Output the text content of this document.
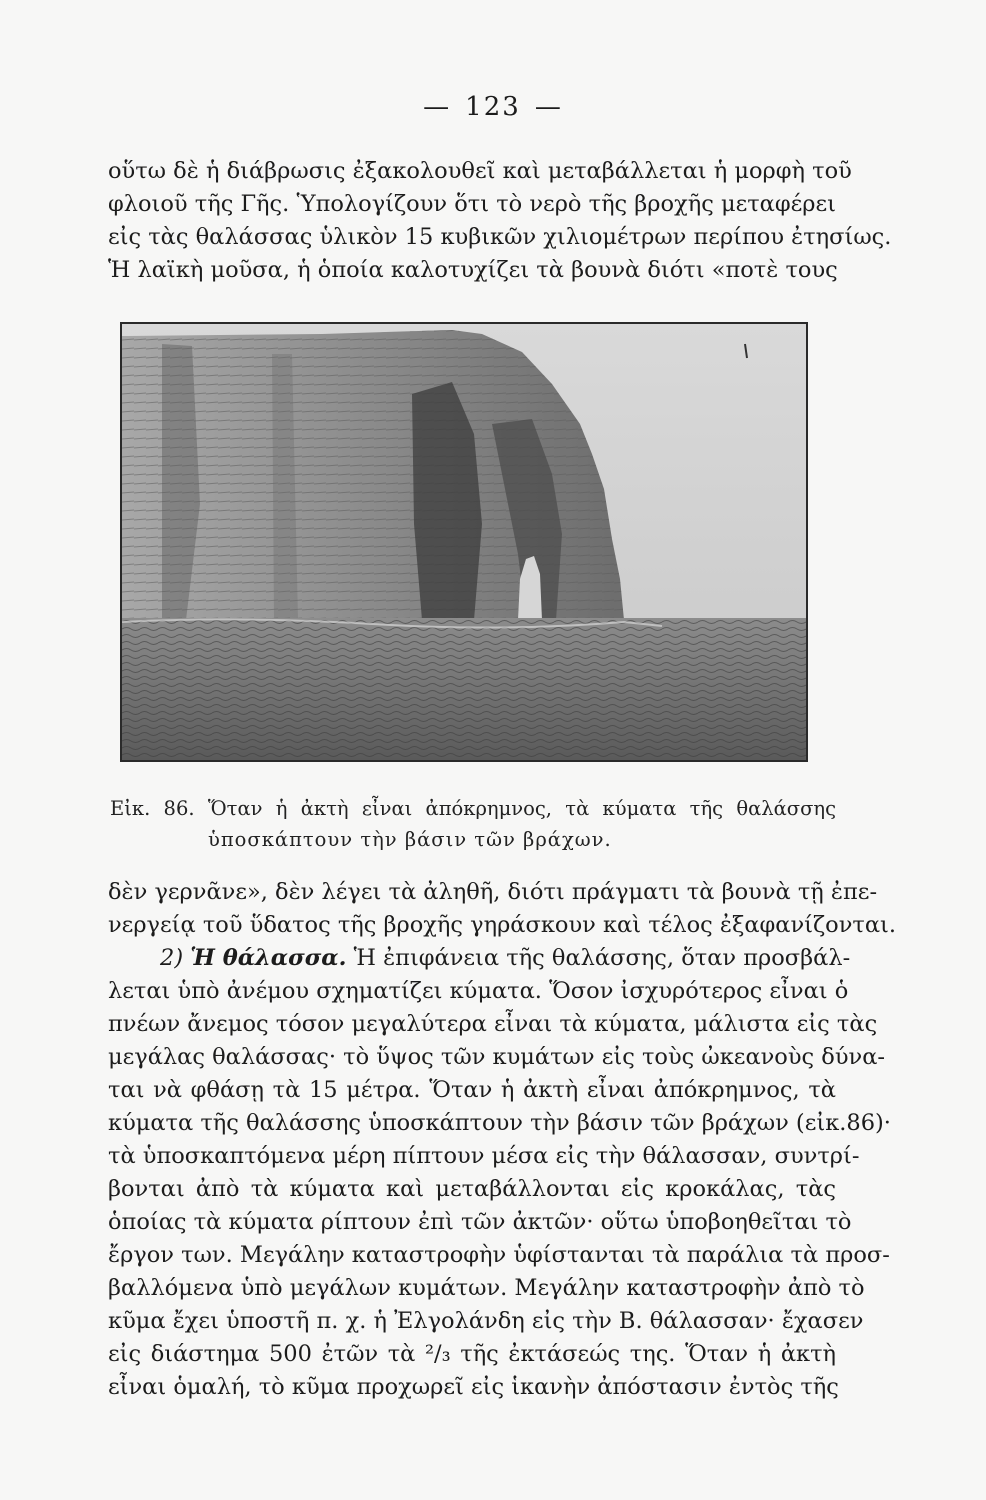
— 123 —
οὕτω δὲ ἡ διάβρωσις ἐξακολουθεῖ καὶ μεταβάλλεται ἡ μορφὴ τοῦ
φλοιοῦ τῆς Γῆς. Ὑπολογίζουν ὅτι τὸ νερὸ τῆς βροχῆς μεταφέρει
εἰς τὰς θαλάσσας ὑλικὸν 15 κυβικῶν χιλιομέτρων περίπου ἐτησίως.
Ἡ λαϊκὴ μοῦσα, ἡ ὁποία καλοτυχίζει τὰ βουνὰ διότι «ποτὲ τους
Εἰκ. 86. Ὅταν ἡ ἀκτὴ εἶναι ἀπόκρημνος, τὰ κύματα τῆς θαλάσσης
ὑποσκάπτουν τὴν βάσιν τῶν βράχων.
δὲν γερνᾶνε», δὲν λέγει τὰ ἀληθῆ, διότι πράγματι τὰ βουνὰ τῇ ἐπε-
νεργείᾳ τοῦ ὕδατος τῆς βροχῆς γηράσκουν καὶ τέλος ἐξαφανίζονται.
2) Ἡ θάλασσα. Ἡ ἐπιφάνεια τῆς θαλάσσης, ὅταν προσβάλ-
λεται ὑπὸ ἀνέμου σχηματίζει κύματα. Ὅσον ἰσχυρότερος εἶναι ὁ
πνέων ἄνεμος τόσον μεγαλύτερα εἶναι τὰ κύματα, μάλιστα εἰς τὰς
μεγάλας θαλάσσας· τὸ ὕψος τῶν κυμάτων εἰς τοὺς ὠκεανοὺς δύνα-
ται νὰ φθάσῃ τὰ 15 μέτρα. Ὅταν ἡ ἀκτὴ εἶναι ἀπόκρημνος, τὰ
κύματα τῆς θαλάσσης ὑποσκάπτουν τὴν βάσιν τῶν βράχων (εἰκ.86)·
τὰ ὑποσκαπτόμενα μέρη πίπτουν μέσα εἰς τὴν θάλασσαν, συντρί-
βονται ἀπὸ τὰ κύματα καὶ μεταβάλλονται εἰς κροκάλας, τὰς
ὁποίας τὰ κύματα ρίπτουν ἐπὶ τῶν ἀκτῶν· οὕτω ὑποβοηθεῖται τὸ
ἔργον των. Μεγάλην καταστροφὴν ὑφίστανται τὰ παράλια τὰ προσ-
βαλλόμενα ὑπὸ μεγάλων κυμάτων. Μεγάλην καταστροφὴν ἀπὸ τὸ
κῦμα ἔχει ὑποστῆ π. χ. ἡ Ἐλγολάνδη εἰς τὴν Β. θάλασσαν· ἔχασεν
εἰς διάστημα 500 ἐτῶν τὰ ²/₃ τῆς ἐκτάσεώς της. Ὅταν ἡ ἀκτὴ
εἶναι ὁμαλή, τὸ κῦμα προχωρεῖ εἰς ἱκανὴν ἀπόστασιν ἐντὸς τῆς
